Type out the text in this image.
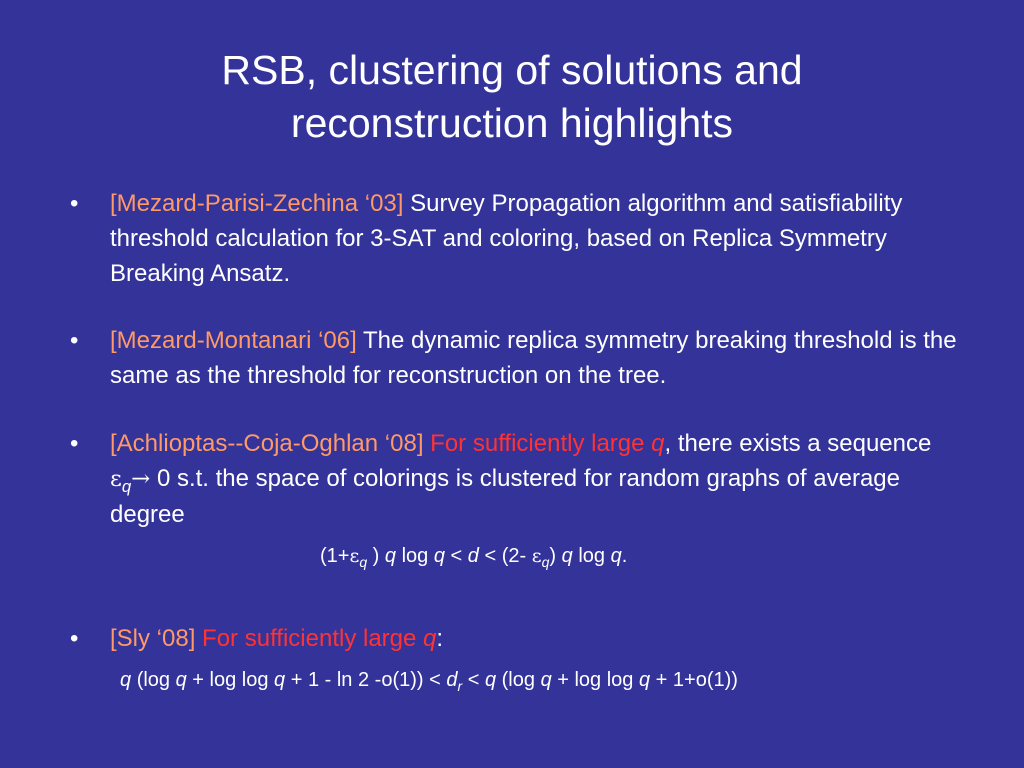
RSB, clustering of solutions and
reconstruction highlights
• [Mezard-Parisi-Zechina ‘03] Survey Propagation algorithm and satisfiability threshold calculation for 3-SAT and coloring, based on Replica Symmetry Breaking Ansatz.
• [Mezard-Montanari ‘06] The dynamic replica symmetry breaking threshold is the same as the threshold for reconstruction on the tree.
• [Achlioptas--Coja-Oghlan ‘08] For sufficiently large q, there exists a sequence $\varepsilon_q\to 0$ s.t. the space of colorings is clustered for random graphs of average degree
($1+\varepsilon_q$ ) q log q < d < (2- $\varepsilon_q$) q log q.
• [Sly ‘08] For sufficiently large q:
q (log q + log log q + 1 - ln 2 $-o(1)) < d_r < q$ (log q + log log q + 1+o(1))
